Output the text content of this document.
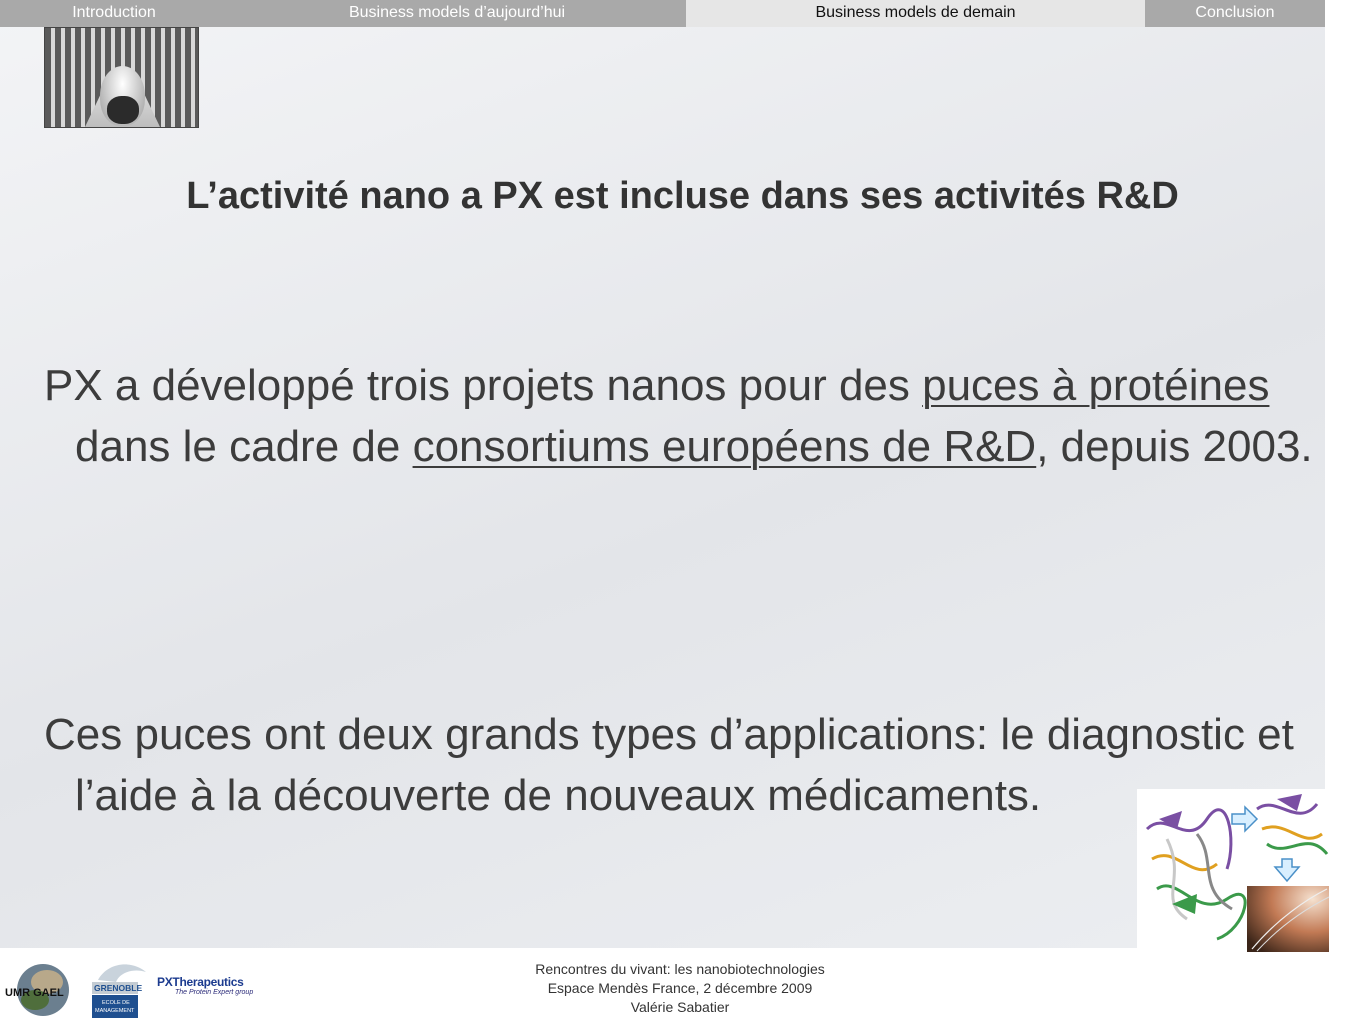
Introduction	Business models d’aujourd’hui	Business models de demain	Conclusion
L’activité nano a PX est incluse dans ses activités R&D

PX a développé trois projets nanos pour des puces à protéines dans le cadre de consortiums européens de R&D, depuis 2003.

Ces puces ont deux grands types d’applications: le diagnostic et l’aide à la découverte de nouveaux médicaments.

Rencontres du vivant: les nanobiotechnologies
Espace Mendès France, 2 décembre 2009
Valérie Sabatier
UMR GAEL	GRENOBLE
ECOLE DE
MANAGEMENT
PXTherapeutics
The Protein Expert group
